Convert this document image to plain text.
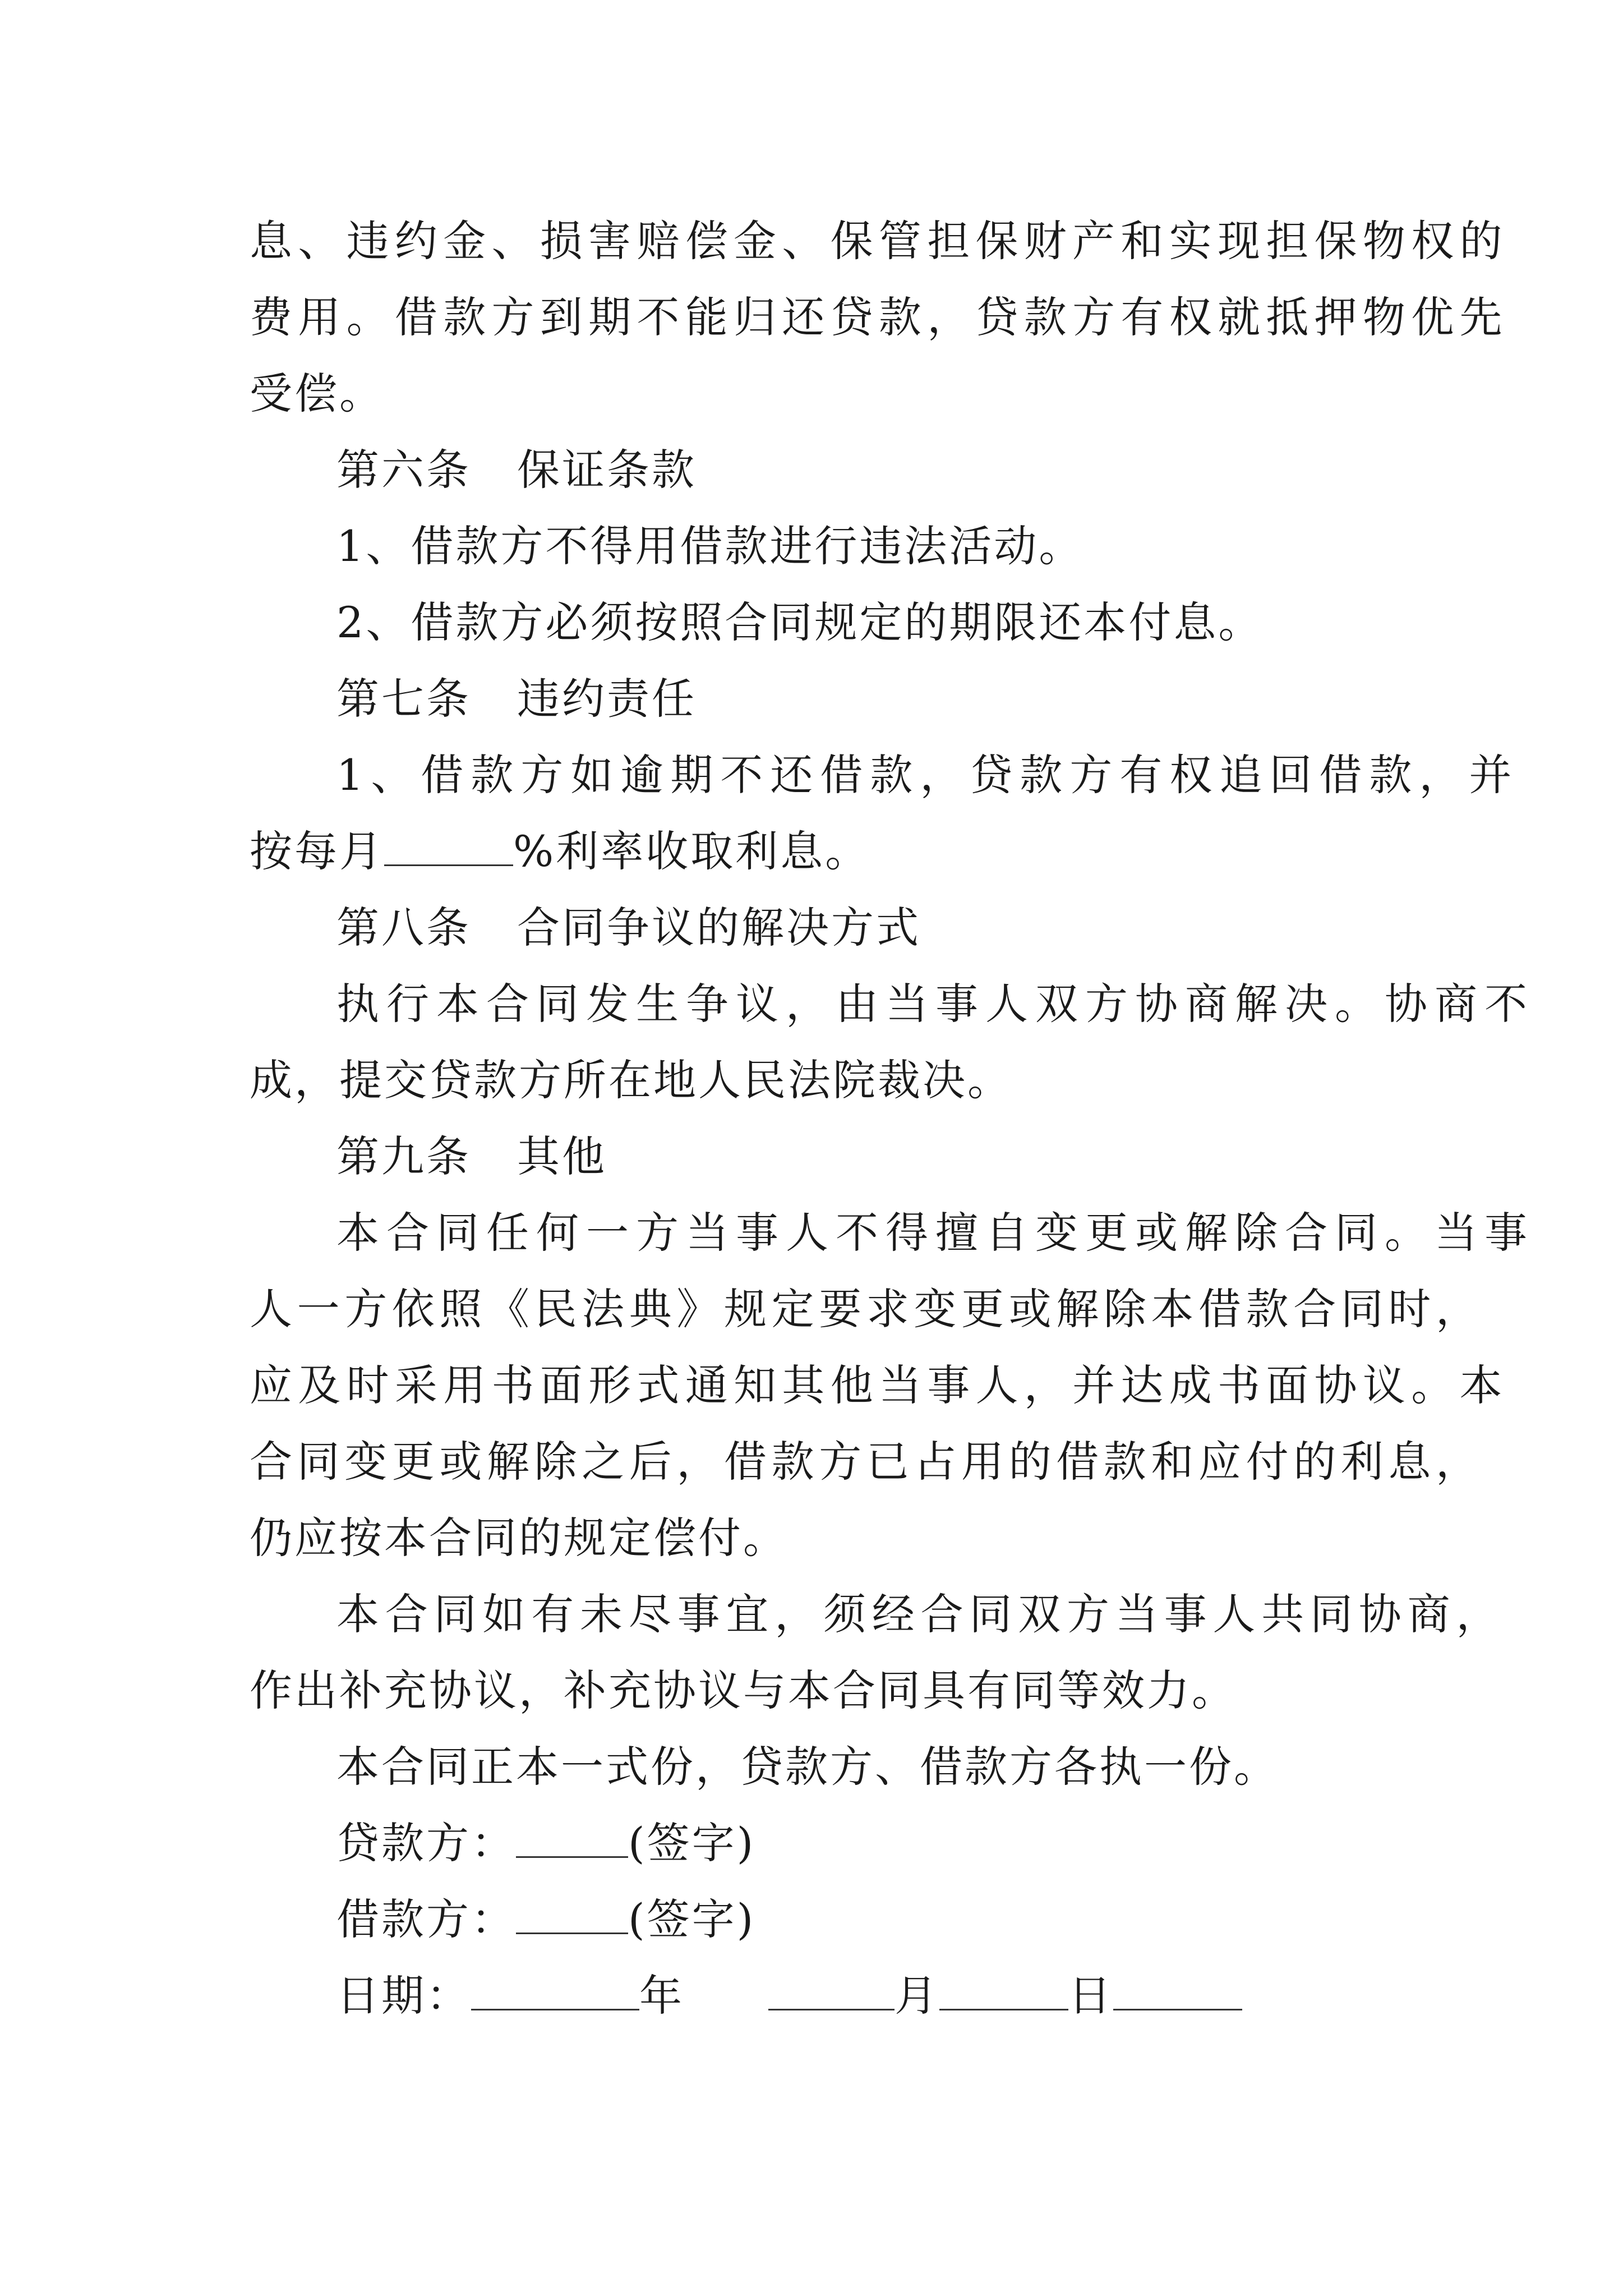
息、违约金、损害赔偿金、保管担保财产和实现担保物权的
费用。借款方到期不能归还贷款，贷款方有权就抵押物优先
受偿。
第六条 保证条款
1、借款方不得用借款进行违法活动。
2、借款方必须按照合同规定的期限还本付息。
第七条 违约责任
1、借款方如逾期不还借款，贷款方有权追回借款，并
按每月	%利率收取利息。
第八条 合同争议的解决方式
执行本合同发生争议，由当事人双方协商解决。协商不
成，提交贷款方所在地人民法院裁决。
第九条 其他
本合同任何一方当事人不得擅自变更或解除合同。当事
人一方依照《民法典》规定要求变更或解除本借款合同时，
应及时采用书面形式通知其他当事人，并达成书面协议。本
合同变更或解除之后，借款方已占用的借款和应付的利息，
仍应按本合同的规定偿付。
本合同如有未尽事宜，须经合同双方当事人共同协商，
作出补充协议，补充协议与本合同具有同等效力。
本合同正本一式份，贷款方、借款方各执一份。
贷款方：	(签字)
借款方：	(签字)
日期：	年	月	日
